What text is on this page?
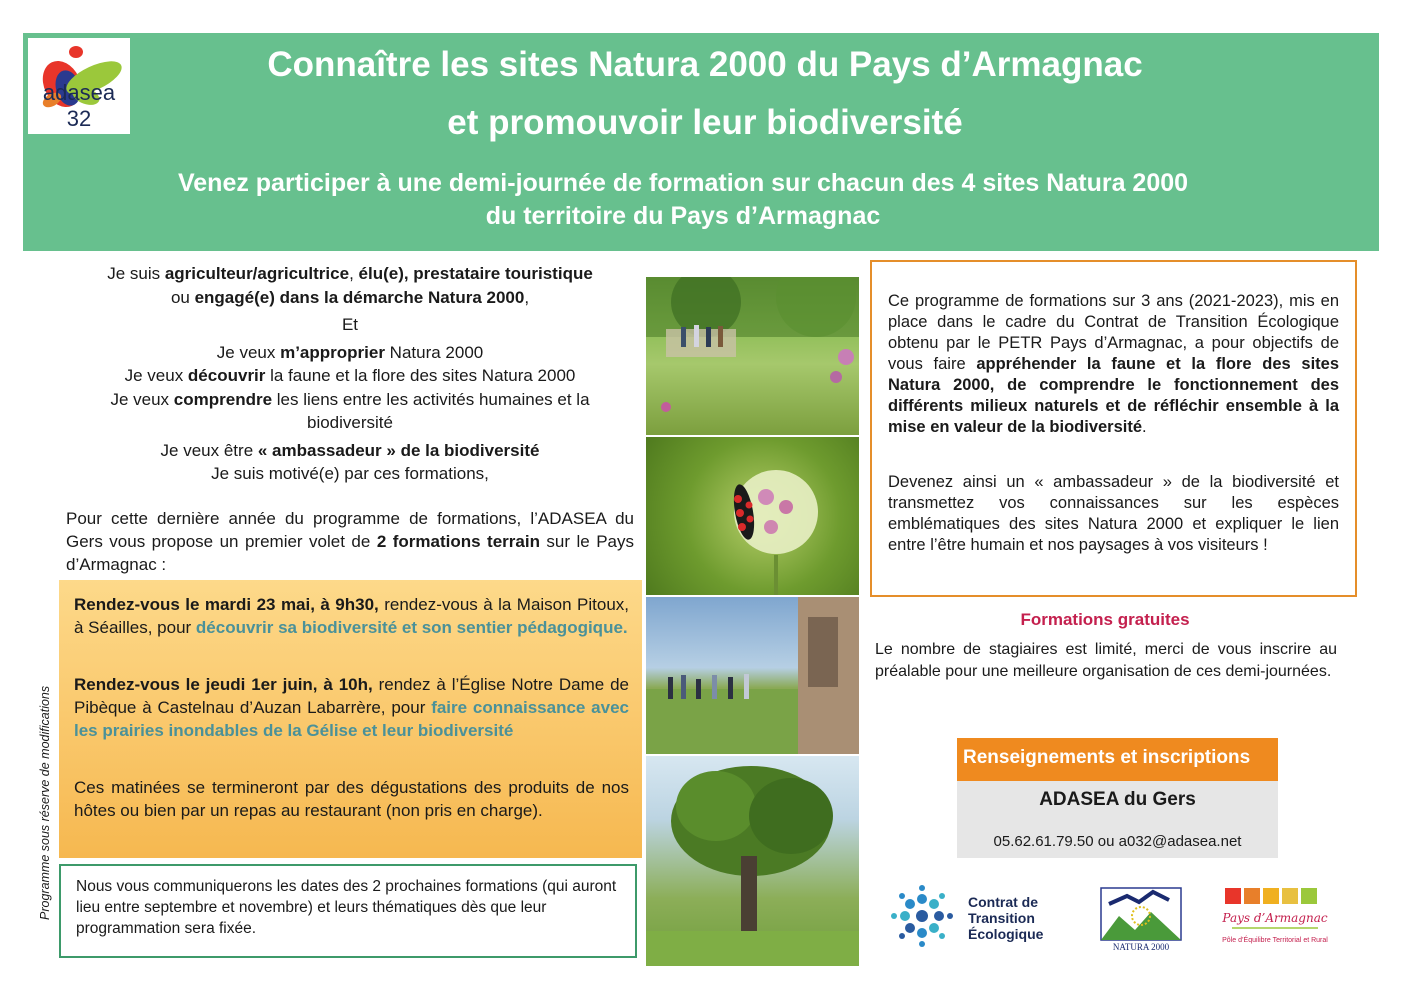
adasea 32
Connaître les sites Natura 2000 du Pays d’Armagnac
et promouvoir leur biodiversité
Venez participer à une demi-journée de formation sur chacun des 4 sites Natura 2000
du territoire du Pays d’Armagnac

Je suis agriculteur/agricultrice, élu(e), prestataire touristique

ou engagé(e) dans la démarche Natura 2000,

Et

Je veux m’approprier Natura 2000

Je veux découvrir la faune et la flore des sites Natura 2000

Je veux comprendre les liens entre les activités humaines et la biodiversité

Je veux être « ambassadeur » de la biodiversité

Je suis motivé(e) par ces formations,

Pour cette dernière année du programme de formations, l’ADASEA du Gers vous propose un premier volet de 2 formations terrain sur le Pays d’Armagnac :

Rendez-vous le mardi 23 mai, à 9h30, rendez-vous à la Maison Pitoux, à Séailles, pour découvrir sa biodiversité et son sentier pédagogique.

Rendez-vous le jeudi 1er juin, à 10h, rendez à l’Église Notre Dame de Pibèque à Castelnau d’Auzan Labarrère, pour faire connaissance avec les prairies inondables de la Gélise et leur biodiversité

Ces matinées se termineront par des dégustations des produits de nos hôtes ou bien par un repas au restaurant (non pris en charge).

Nous vous communiquerons les dates des 2 prochaines formations (qui auront lieu entre septembre et novembre) et leurs thématiques dès que leur programmation sera fixée.

Programme sous réserve de modifications

Ce programme de formations sur 3 ans (2021-2023), mis en place dans le cadre du Contrat de Transition Écologique obtenu par le PETR Pays d’Armagnac, a pour objectifs de vous faire appréhender la faune et la flore des sites Natura 2000, de comprendre le fonctionnement des différents milieux naturels et de réfléchir ensemble à la mise en valeur de la biodiversité.

Devenez ainsi un « ambassadeur » de la biodiversité et transmettez vos connaissances sur les espèces emblématiques des sites Natura 2000 et expliquer le lien entre l’être humain et nos paysages à vos visiteurs !

Formations gratuites

Le nombre de stagiaires est limité, merci de vous inscrire au préalable pour une meilleure organisation de ces demi-journées.

Renseignements et inscriptions
ADASEA du Gers
05.62.61.79.50 ou a032@adasea.net
Contrat de
Transition
Écologique
NATURA 2000
Pays d’Armagnac
Pôle d’Équilibre Territorial et Rural
